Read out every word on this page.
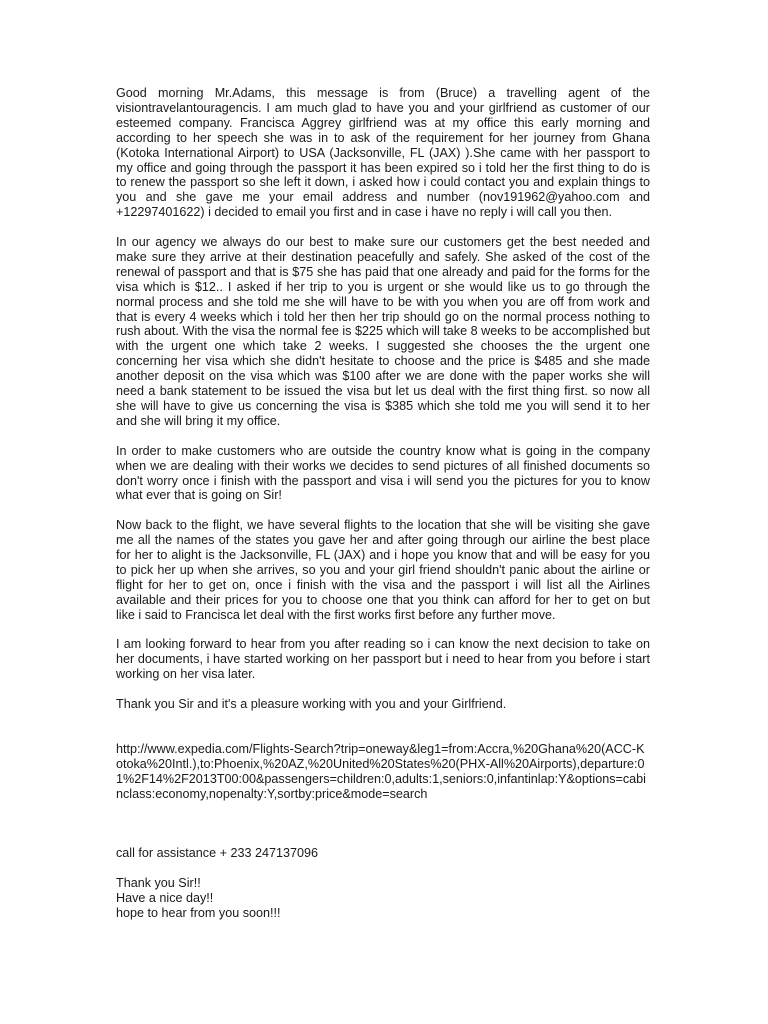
Good morning Mr.Adams, this message is from (Bruce) a travelling agent of the visiontravelantouragencis. I am much glad to have you and your girlfriend as customer of our esteemed company. Francisca Aggrey girlfriend was at my office this early morning and according to her speech she was in to ask of the requirement for her journey from Ghana (Kotoka International Airport) to USA (Jacksonville, FL (JAX) ).She came with her passport to my office and going through the passport it has been expired so i told her the first thing to do is to renew the passport so she left it down, i asked how i could contact you and explain things to you and she gave me your email address and number (nov191962@yahoo.com and +12297401622) i decided to email you first and in case i have no reply i will call you then.

In our agency we always do our best to make sure our customers get the best needed and make sure they arrive at their destination peacefully and safely. She asked of the cost of the renewal of passport and that is $75 she has paid that one already and paid for the forms for the visa which is $12.. I asked if her trip to you is urgent or she would like us to go through the normal process and she told me she will have to be with you when you are off from work and that is every 4 weeks which i told her then her trip should go on the normal process nothing to rush about. With the visa the normal fee is $225 which will take 8 weeks to be accomplished but with the urgent one which take 2 weeks. I suggested she chooses the the urgent one concerning her visa which she didn't hesitate to choose and the price is $485 and she made another deposit on the visa which was $100 after we are done with the paper works she will need a bank statement to be issued the visa but let us deal with the first thing first. so now all she will have to give us concerning the visa is $385 which she told me you will send it to her and she will bring it my office.

In order to make customers who are outside the country know what is going in the company when we are dealing with their works we decides to send pictures of all finished documents so don't worry once i finish with the passport and visa i will send you the pictures for you to know what ever that is going on Sir!

Now back to the flight, we have several flights to the location that she will be visiting she gave me all the names of the states you gave her and after going through our airline the best place for her to alight is the Jacksonville, FL (JAX) and i hope you know that and will be easy for you to pick her up when she arrives, so you and your girl friend shouldn't panic about the airline or flight for her to get on, once i finish with the visa and the passport i will list all the Airlines available and their prices for you to choose one that you think can afford for her to get on but like i said to Francisca let deal with the first works first before any further move.

I am looking forward to hear from you after reading so i can know the next decision to take on her documents, i have started working on her passport but i need to hear from you before i start working on her visa later.

Thank you Sir and it's a pleasure working with you and your Girlfriend.

http://www.expedia.com/Flights-Search?trip=oneway&leg1=from:Accra,%20Ghana%20(ACC-Kotoka%20Intl.),to:Phoenix,%20AZ,%20United%20States%20(PHX-All%20Airports),departure:01%2F14%2F2013T00:00&passengers=children:0,adults:1,seniors:0,infantinlap:Y&options=cabinclass:economy,nopenalty:Y,sortby:price&mode=search

call for assistance + 233 247137096

Thank you Sir!!
Have a nice day!!
hope to hear from you soon!!!
